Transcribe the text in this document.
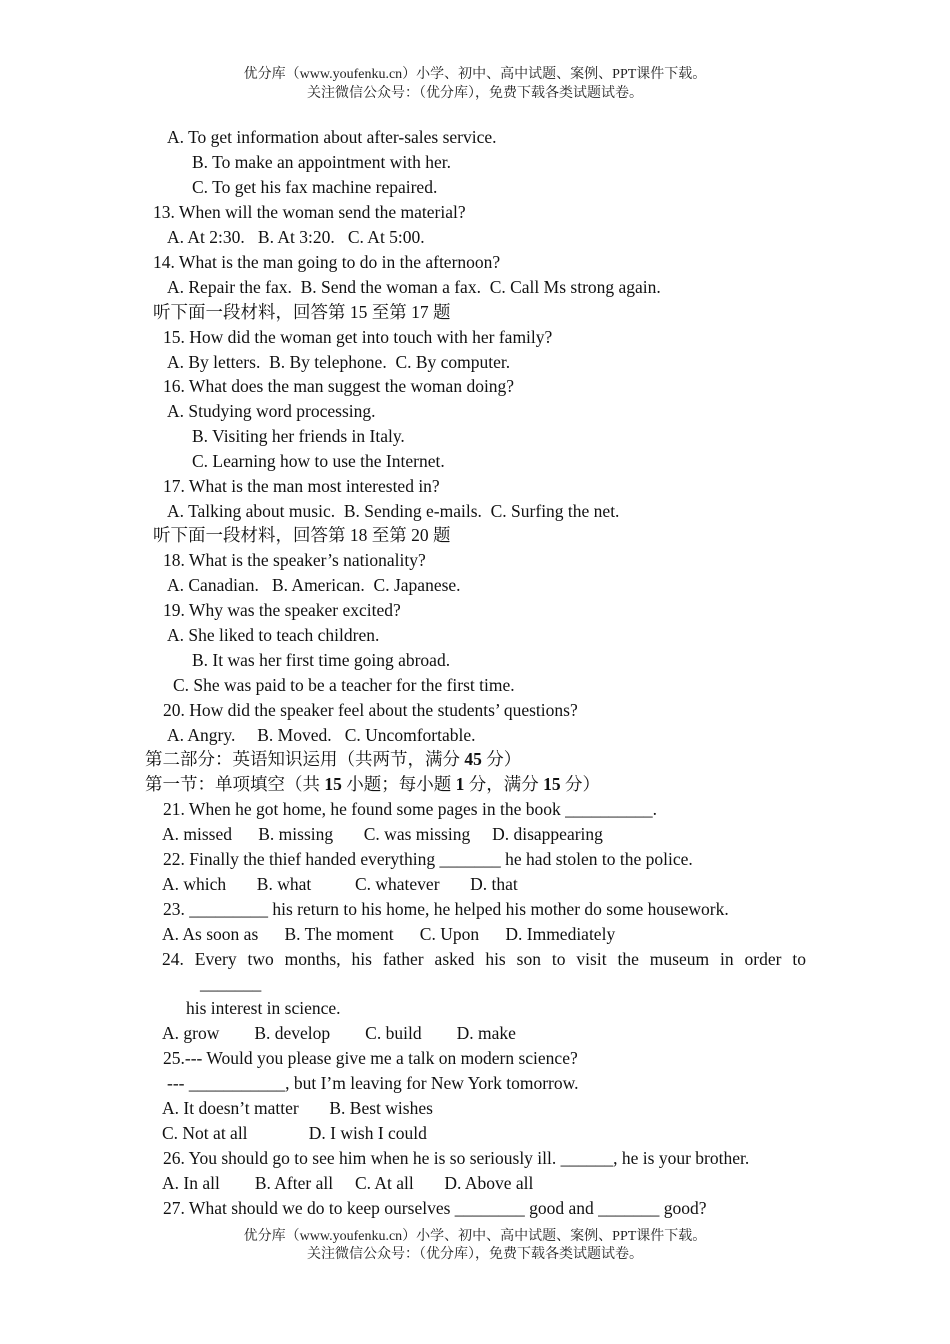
优分库（www.youfenku.cn）小学、初中、高中试题、案例、PPT课件下载。
关注微信公众号：（优分库），免费下载各类试题试卷。
A. To get information about after-sales service.
B. To make an appointment with her.
C. To get his fax machine repaired.
13. When will the woman send the material?
A. At 2:30.   B. At 3:20.   C. At 5:00.
14. What is the man going to do in the afternoon?
A. Repair the fax.  B. Send the woman a fax.  C. Call Ms strong again.
听下面一段材料，回答第 15 至第 17 题
15. How did the woman get into touch with her family?
A. By letters.  B. By telephone.  C. By computer.
16. What does the man suggest the woman doing?
A. Studying word processing.
B. Visiting her friends in Italy.
C. Learning how to use the Internet.
17. What is the man most interested in?
A. Talking about music.  B. Sending e-mails.  C. Surfing the net.
听下面一段材料，回答第 18 至第 20 题
18. What is the speaker’s nationality?
A. Canadian.   B. American.  C. Japanese.
19. Why was the speaker excited?
A. She liked to teach children.
B. It was her first time going abroad.
C. She was paid to be a teacher for the first time.
20. How did the speaker feel about the students’ questions?
A. Angry.     B. Moved.   C. Uncomfortable.
第二部分：英语知识运用（共两节，满分 45 分）
第一节：单项填空（共 15 小题；每小题 1 分，满分 15 分）
21. When he got home, he found some pages in the book __________.
A. missed      B. missing       C. was missing     D. disappearing
22. Finally the thief handed everything _______ he had stolen to the police.
A. which       B. what          C. whatever       D. that
23. _________ his return to his home, he helped his mother do some housework.
A. As soon as      B. The moment      C. Upon      D. Immediately
24. Every two months, his father asked his son to visit the museum in order to
_______
his interest in science.
A. grow        B. develop        C. build        D. make
25.--- Would you please give me a talk on modern science?
--- ___________, but I’m leaving for New York tomorrow.
A. It doesn’t matter       B. Best wishes
C. Not at all              D. I wish I could
26. You should go to see him when he is so seriously ill. ______, he is your brother.
A. In all        B. After all     C. At all       D. Above all
27. What should we do to keep ourselves ________ good and _______ good?
优分库（www.youfenku.cn）小学、初中、高中试题、案例、PPT课件下载。
关注微信公众号：（优分库），免费下载各类试题试卷。
